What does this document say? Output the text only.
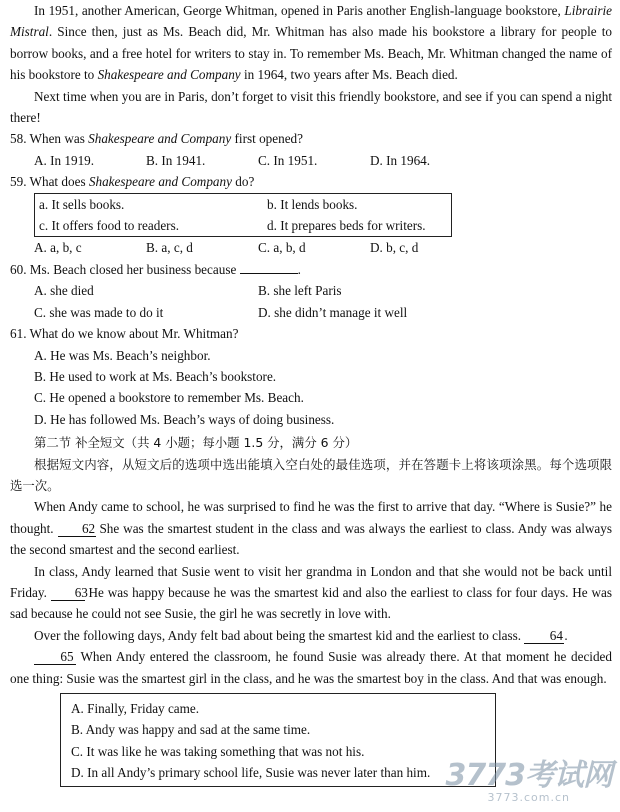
In 1951, another American, George Whitman, opened in Paris another English-language bookstore, Librairie Mistral. Since then, just as Ms. Beach did, Mr. Whitman has also made his bookstore a library for people to borrow books, and a free hotel for writers to stay in. To remember Ms. Beach, Mr. Whitman changed the name of his bookstore to Shakespeare and Company in 1964, two years after Ms. Beach died.

Next time when you are in Paris, don’t forget to visit this friendly bookstore, and see if you can spend a night there!

58. When was Shakespeare and Company first opened?

A. In 1919.	B. In 1941.	C. In 1951.	D. In 1964.

59. What does Shakespeare and Company do?

a. It sells books.	b. It lends books.
c. It offers food to readers.	d. It prepares beds for writers.
A. a, b, c	B. a, c, d	C. a, b, d	D. b, c, d

60. Ms. Beach closed her business because	.

A. she died	B. she left Paris
C. she was made to do it	D. she didn’t manage it well

61. What do we know about Mr. Whitman?

A. He was Ms. Beach’s neighbor.

B. He used to work at Ms. Beach’s bookstore.

C. He opened a bookstore to remember Ms. Beach.

D. He has followed Ms. Beach’s ways of doing business.

第二节 补全短文（共 4 小题；每小题 1.5 分，满分 6 分）

根据短文内容，从短文后的选项中选出能填入空白处的最佳选项，并在答题卡上将该项涂黑。每个选项限选一次。

When Andy came to school, he was surprised to find he was the first to arrive that day. “Where is Susie?” he thought. 62 She was the smartest student in the class and was always the earliest to class. Andy was always the second smartest and the second earliest.

In class, Andy learned that Susie went to visit her grandma in London and that she would not be back until Friday. 63 He was happy because he was the smartest kid and also the earliest to class for four days. He was sad because he could not see Susie, the girl he was secretly in love with.

Over the following days, Andy felt bad about being the smartest kid and the earliest to class. 64.

65 When Andy entered the classroom, he found Susie was already there. At that moment he decided one thing: Susie was the smartest girl in the class, and he was the smartest boy in the class. And that was enough.

A. Finally, Friday came.

B. Andy was happy and sad at the same time.

C. It was like he was taking something that was not his.

D. In all Andy’s primary school life, Susie was never later than him. 3773考试网
3773.com.cn
